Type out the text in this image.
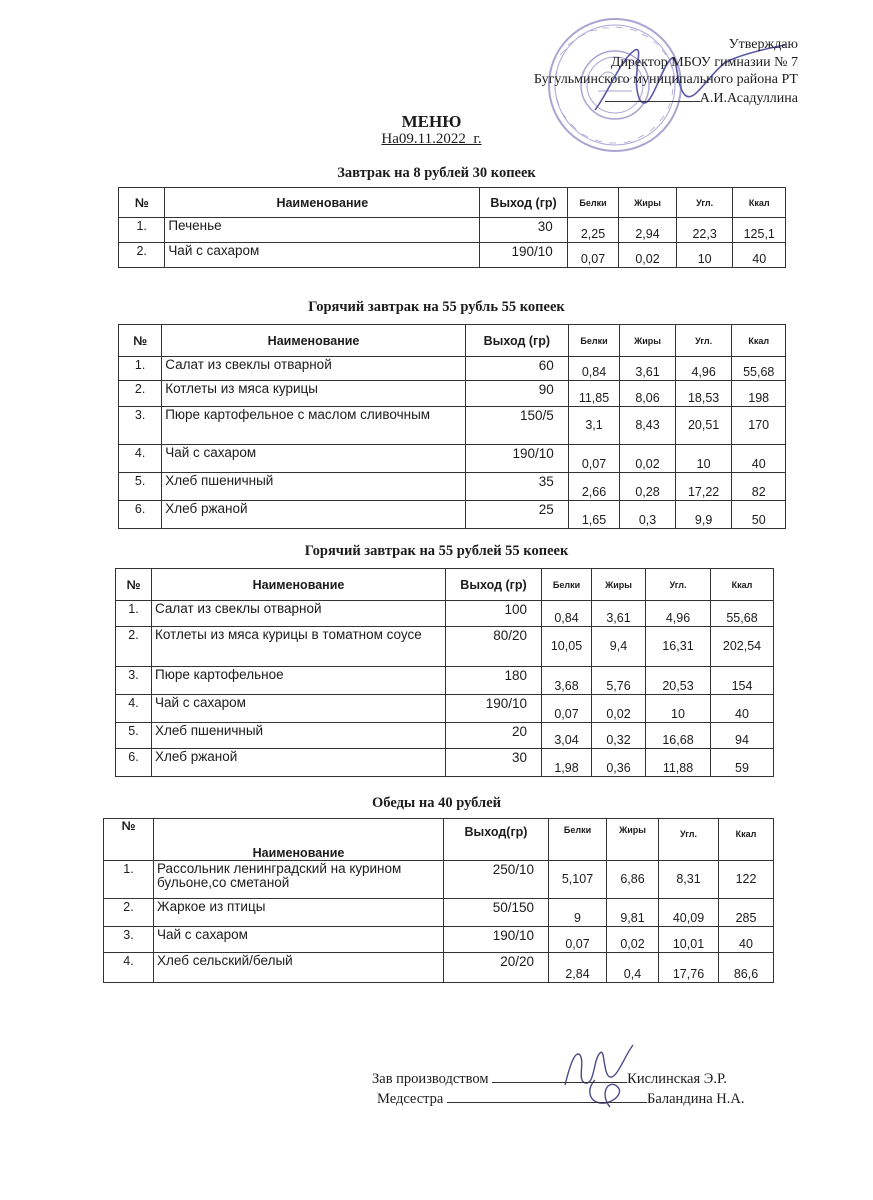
Утверждаю
Директор МБОУ гимназии № 7
Бугульминского муниципального района РТ
А.И.Асадуллина
МЕНЮ
На09.11.2022_г.
Завтрак на 8 рублей 30 копеек
№	Наименование	Выход (гр)	Белки	Жиры	Угл.	Ккал
1.	Печенье	30	2,25	2,94	22,3	125,1
2.	Чай с сахаром	190/10	0,07	0,02	10	40
Горячий завтрак на 55 рубль 55 копеек
№	Наименование	Выход (гр)	Белки	Жиры	Угл.	Ккал
1.	Салат из свеклы отварной	60	0,84	3,61	4,96	55,68
2.	Котлеты из мяса курицы	90	11,85	8,06	18,53	198
3.	Пюре картофельное с маслом сливочным	150/5	3,1	8,43	20,51	170
4.	Чай с сахаром	190/10	0,07	0,02	10	40
5.	Хлеб пшеничный	35	2,66	0,28	17,22	82
6.	Хлеб ржаной	25	1,65	0,3	9,9	50
Горячий завтрак на 55 рублей 55 копеек
№	Наименование	Выход (гр)	Белки	Жиры	Угл.	Ккал
1.	Салат из свеклы отварной	100	0,84	3,61	4,96	55,68
2.	Котлеты из мяса курицы в томатном соусе	80/20	10,05	9,4	16,31	202,54
3.	Пюре картофельное	180	3,68	5,76	20,53	154
4.	Чай с сахаром	190/10	0,07	0,02	10	40
5.	Хлеб пшеничный	20	3,04	0,32	16,68	94
6.	Хлеб ржаной	30	1,98	0,36	11,88	59
Обеды на 40 рублей
№	Наименование	Выход(гр)	Белки	Жиры	Угл.	Ккал
1.	Рассольник ленинградский на курином бульоне,со сметаной	250/10	5,107	6,86	8,31	122
2.	Жаркое из птицы	50/150	9	9,81	40,09	285
3.	Чай с сахаром	190/10	0,07	0,02	10,01	40
4.	Хлеб сельский/белый	20/20	2,84	0,4	17,76	86,6
Зав производством	Кислинская Э.Р.
Медсестра	Баландина Н.А.
